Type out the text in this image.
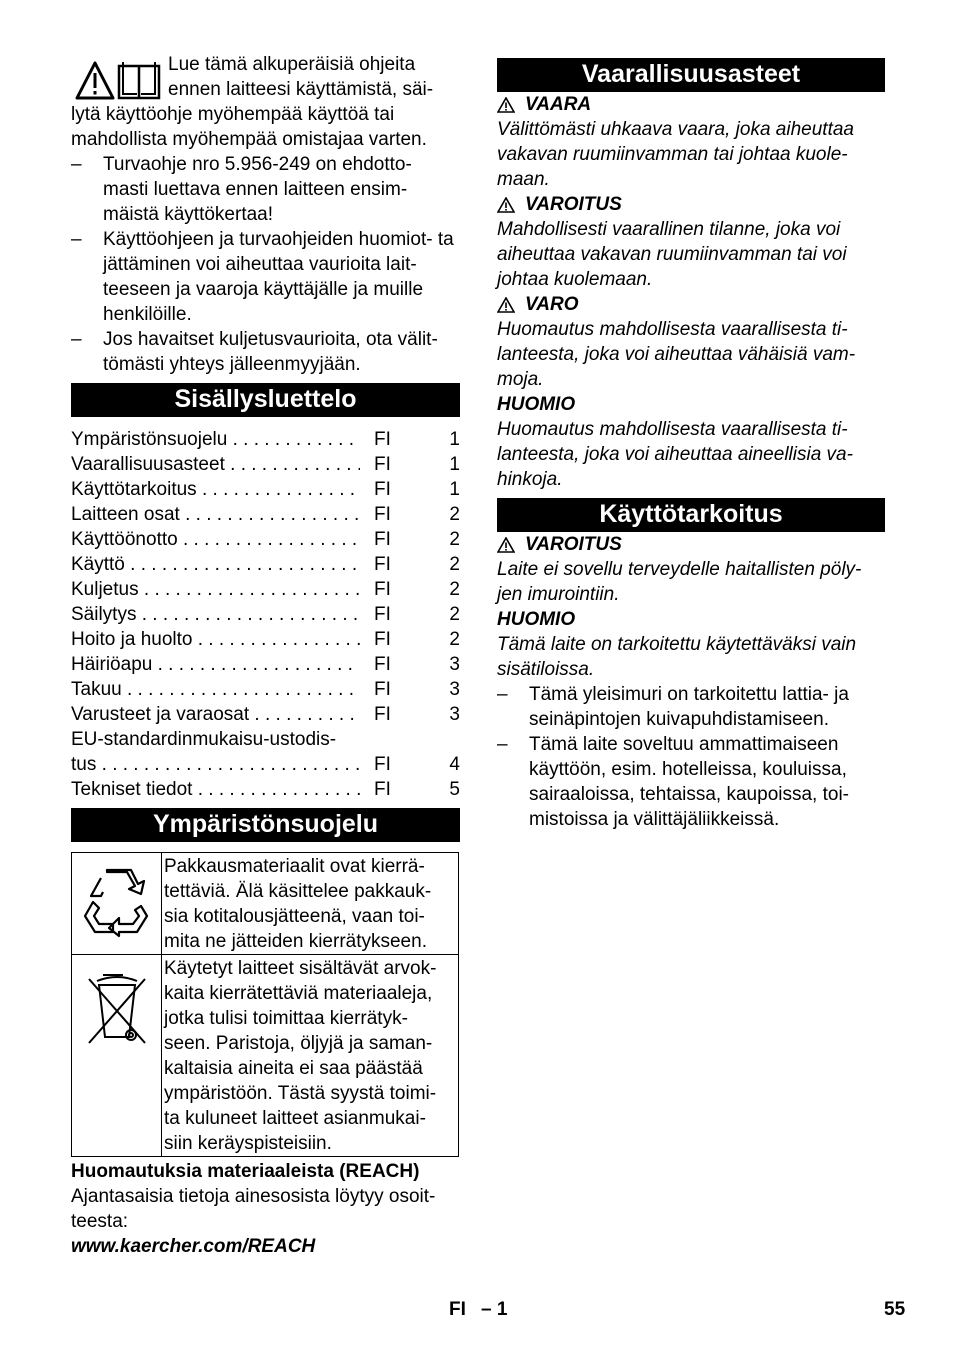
Lue tämä alkuperäisiä ohjeita

ennen laitteesi käyttämistä, säi-

lytä käyttöohje myöhempää käyttöä tai mahdollista myöhempää omistajaa varten.

–	Turvaohje nro 5.956-249 on ehdotto- masti luettava ennen laitteen ensim- mäistä käyttökertaa!
–	Käyttöohjeen ja turvaohjeiden huomiot- ta jättäminen voi aiheuttaa vaurioita lait- teeseen ja vaaroja käyttäjälle ja muille henkilöille.
–	Jos havaitset kuljetusvaurioita, ota välit- tömästi yhteys jälleenmyyjään.
Sisällysluettelo
Ympäristönsuojelu . . .	FI	1
Vaarallisuusasteet . . .	FI	1
Käyttötarkoitus . . .	FI	1
Laitteen osat . . .	FI	2
Käyttöönotto . . .	FI	2
Käyttö . . .	FI	2
Kuljetus . . .	FI	2
Säilytys . . .	FI	2
Hoito ja huolto . . .	FI	2
Häiriöapu . . .	FI	3
Takuu . . .	FI	3
Varusteet ja varaosat . . .	FI	3
EU-standardinmukaisu-ustodis-
tus . . .	FI	4
Tekniset tiedot . . .	FI	5
Ympäristönsuojelu
	Pakkausmateriaalit ovat kierrä- tettäviä. Älä käsittelee pakkauk- sia kotitalousjätteenä, vaan toi- mita ne jätteiden kierrätykseen.
	Käytetyt laitteet sisältävät arvok- kaita kierrätettäviä materiaaleja, jotka tulisi toimittaa kierrätyk- seen. Paristoja, öljyjä ja saman- kaltaisia aineita ei saa päästää ympäristöön. Tästä syystä toimi- ta kuluneet laitteet asianmukai- siin keräyspisteisiin.

Huomautuksia materiaaleista (REACH)

Ajantasaisia tietoja ainesosista löytyy osoit- teesta:

www.kaercher.com/REACH

Vaarallisuusasteet
VAARA

Välittömästi uhkaava vaara, joka aiheuttaa vakavan ruumiinvamman tai johtaa kuole- maan.

VAROITUS

Mahdollisesti vaarallinen tilanne, joka voi aiheuttaa vakavan ruumiinvamman tai voi johtaa kuolemaan.

VARO

Huomautus mahdollisesta vaarallisesta ti- lanteesta, joka voi aiheuttaa vähäisiä vam- moja.

HUOMIO

Huomautus mahdollisesta vaarallisesta ti- lanteesta, joka voi aiheuttaa aineellisia va- hinkoja.

Käyttötarkoitus
VAROITUS

Laite ei sovellu terveydelle haitallisten pöly- jen imurointiin.

HUOMIO

Tämä laite on tarkoitettu käytettäväksi vain sisätiloissa.

–	Tämä yleisimuri on tarkoitettu lattia- ja seinäpintojen kuivapuhdistamiseen.
–	Tämä laite soveltuu ammattimaiseen käyttöön, esim. hotelleissa, kouluissa, sairaaloissa, tehtaissa, kaupoissa, toi- mistoissa ja välittäjäliikkeissä.
FI – 1	55
